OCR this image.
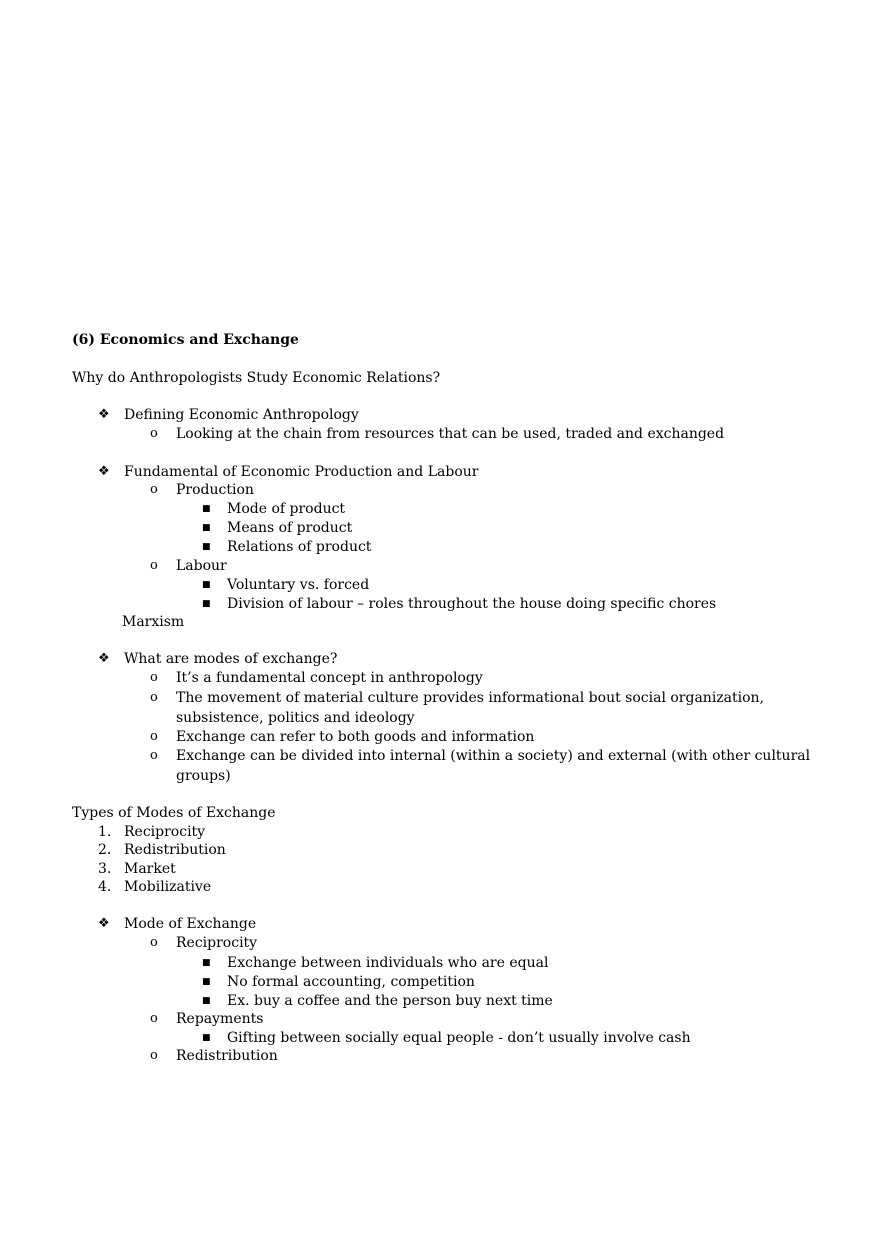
(6) Economics and Exchange
Why do Anthropologists Study Economic Relations?
❖ Defining Economic Anthropology
o Looking at the chain from resources that can be used, traded and exchanged
❖ Fundamental of Economic Production and Labour
o Production
■ Mode of product
■ Means of product
■ Relations of product
o Labour
■ Voluntary vs. forced
■ Division of labour – roles throughout the house doing specific chores
Marxism
❖ What are modes of exchange?
o It’s a fundamental concept in anthropology
o The movement of material culture provides informational bout social organization,
subsistence, politics and ideology
o Exchange can refer to both goods and information
o Exchange can be divided into internal (within a society) and external (with other cultural
groups)
Types of Modes of Exchange
1. Reciprocity
2. Redistribution
3. Market
4. Mobilizative
❖ Mode of Exchange
o Reciprocity
■ Exchange between individuals who are equal
■ No formal accounting, competition
■ Ex. buy a coffee and the person buy next time
o Repayments
■ Gifting between socially equal people - don’t usually involve cash
o Redistribution
